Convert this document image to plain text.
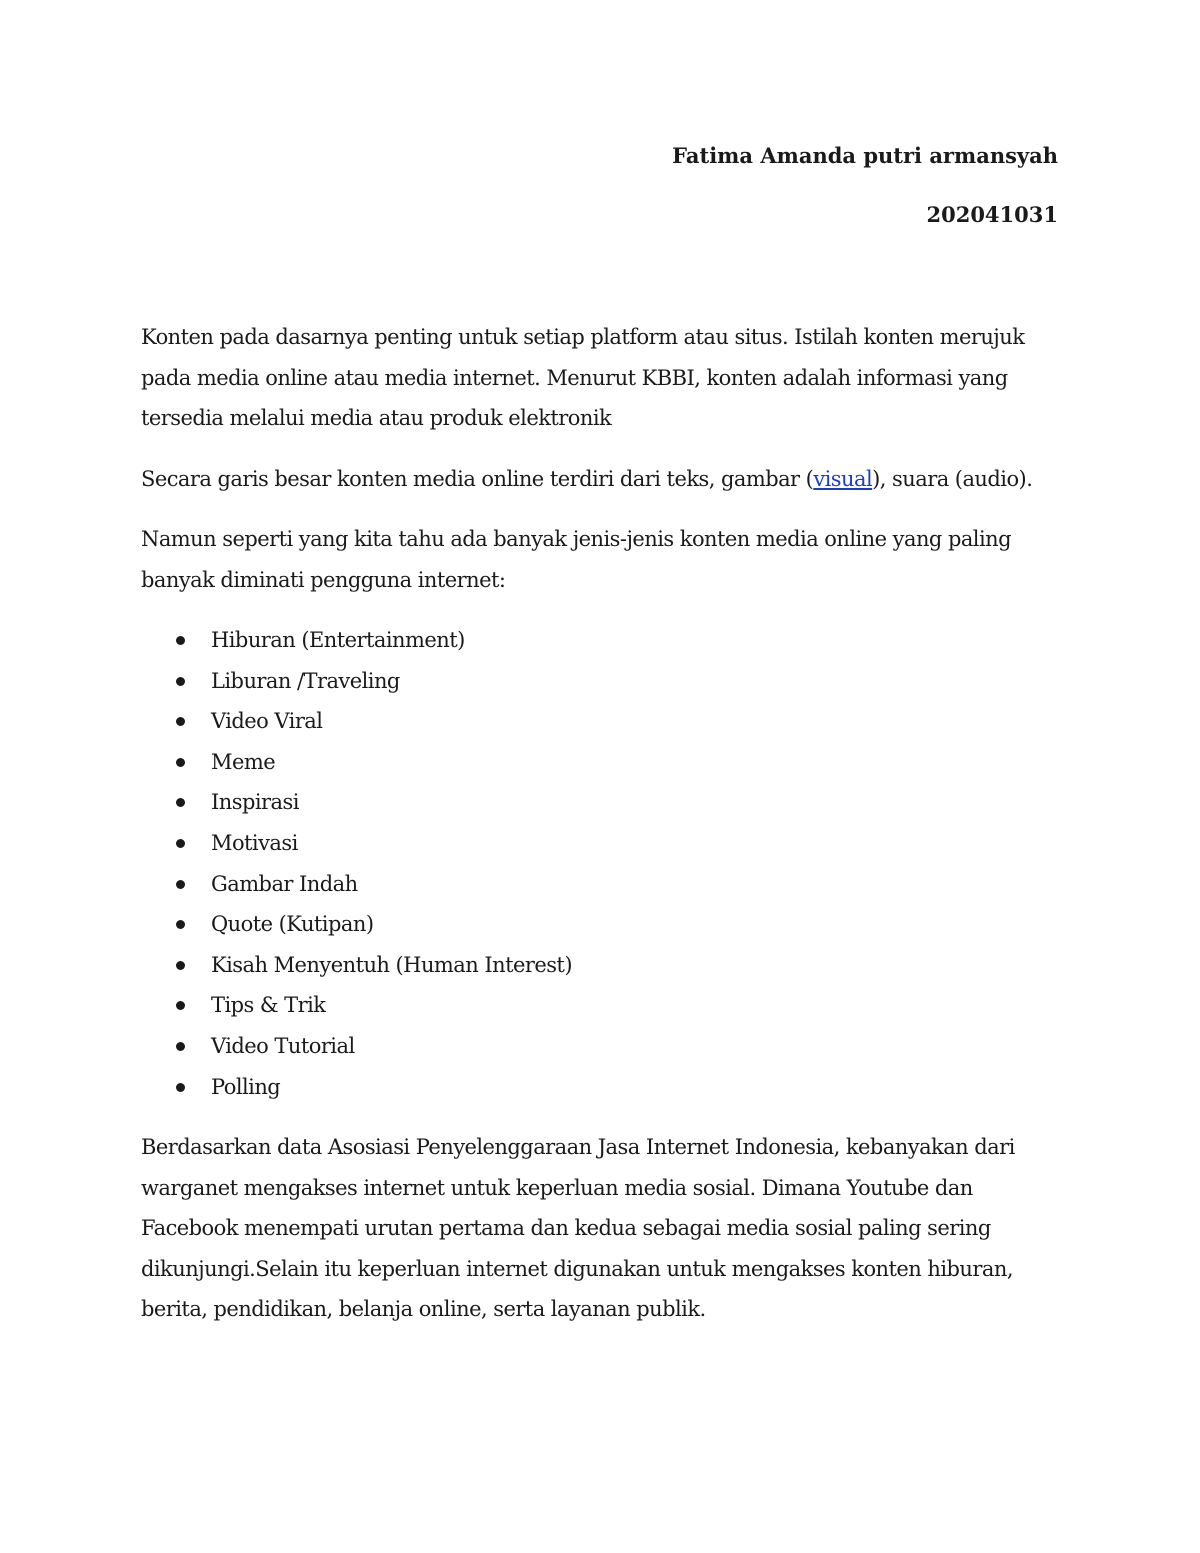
Fatima Amanda putri armansyah
202041031

Konten pada dasarnya penting untuk setiap platform atau situs. Istilah konten merujuk pada media online atau media internet. Menurut KBBI, konten adalah informasi yang tersedia melalui media atau produk elektronik

Secara garis besar konten media online terdiri dari teks, gambar (visual), suara (audio).

Namun seperti yang kita tahu ada banyak jenis-jenis konten media online yang paling banyak diminati pengguna internet:

Hiburan (Entertainment)
Liburan /Traveling
Video Viral
Meme
Inspirasi
Motivasi
Gambar Indah
Quote (Kutipan)
Kisah Menyentuh (Human Interest)
Tips & Trik
Video Tutorial
Polling

Berdasarkan data Asosiasi Penyelenggaraan Jasa Internet Indonesia, kebanyakan dari warganet mengakses internet untuk keperluan media sosial. Dimana Youtube dan Facebook menempati urutan pertama dan kedua sebagai media sosial paling sering dikunjungi.Selain itu keperluan internet digunakan untuk mengakses konten hiburan, berita, pendidikan, belanja online, serta layanan publik.
